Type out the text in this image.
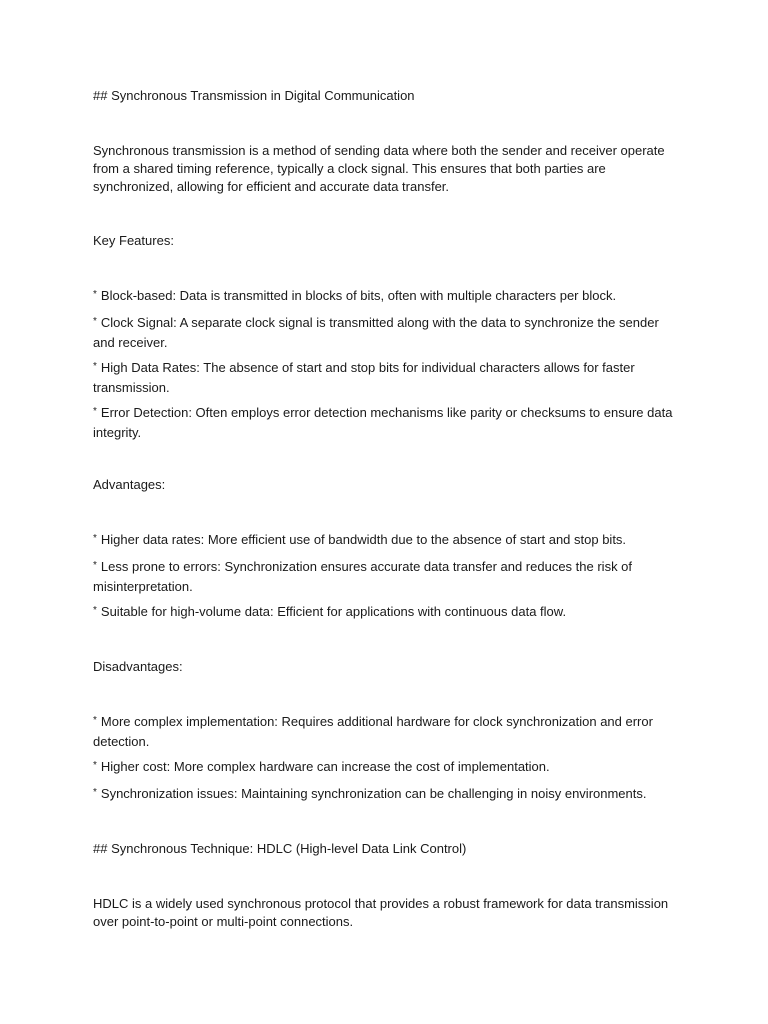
## Synchronous Transmission in Digital Communication

Synchronous transmission is a method of sending data where both the sender and receiver operate from a shared timing reference, typically a clock signal. This ensures that both parties are synchronized, allowing for efficient and accurate data transfer.

Key Features:

* Block-based: Data is transmitted in blocks of bits, often with multiple characters per block.

* Clock Signal: A separate clock signal is transmitted along with the data to synchronize the sender and receiver.

* High Data Rates: The absence of start and stop bits for individual characters allows for faster transmission.

* Error Detection: Often employs error detection mechanisms like parity or checksums to ensure data integrity.

Advantages:

* Higher data rates: More efficient use of bandwidth due to the absence of start and stop bits.

* Less prone to errors: Synchronization ensures accurate data transfer and reduces the risk of misinterpretation.

* Suitable for high-volume data: Efficient for applications with continuous data flow.

Disadvantages:

* More complex implementation: Requires additional hardware for clock synchronization and error detection.

* Higher cost: More complex hardware can increase the cost of implementation.

* Synchronization issues: Maintaining synchronization can be challenging in noisy environments.

## Synchronous Technique: HDLC (High-level Data Link Control)

HDLC is a widely used synchronous protocol that provides a robust framework for data transmission over point-to-point or multi-point connections.
